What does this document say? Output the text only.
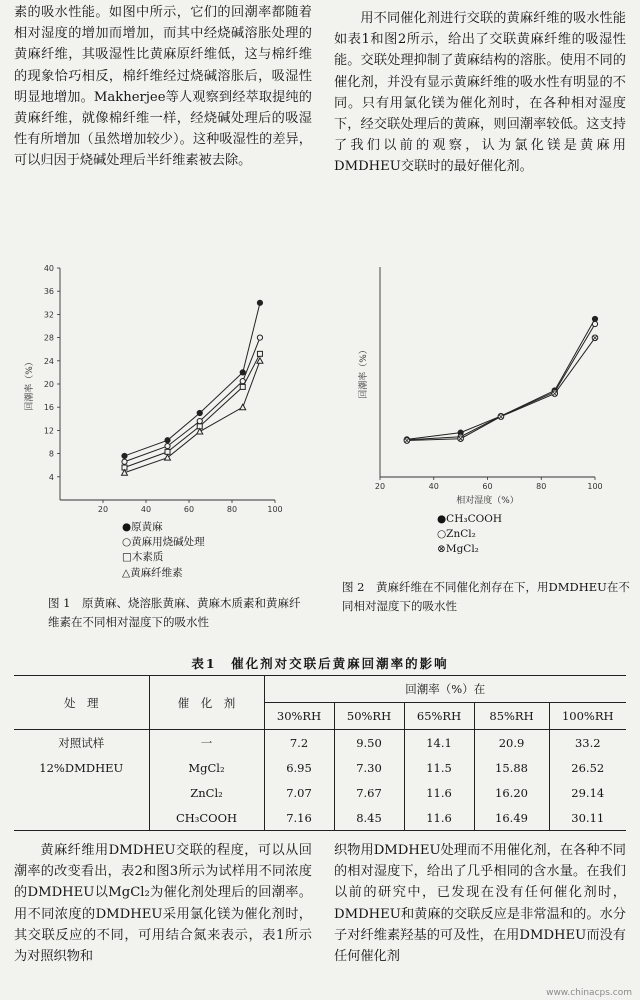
素的吸水性能。如图中所示，它们的回潮率都随着相对湿度的增加而增加，而其中经烧碱溶胀处理的黄麻纤维，其吸湿性比黄麻原纤维低，这与棉纤维的现象恰巧相反，棉纤维经过烧碱溶胀后，吸湿性明显地增加。Makherjee等人观察到经萃取提纯的黄麻纤维，就像棉纤维一样，经烧碱处理后的吸湿性有所增加（虽然增加较少）。这种吸湿性的差异，可以归因于烧碱处理后半纤维素被去除。
用不同催化剂进行交联的黄麻纤维的吸水性能如表1和图2所示，给出了交联黄麻纤维的吸湿性能。交联处理抑制了黄麻结构的溶胀。使用不同的催化剂，并没有显示黄麻纤维的吸水性有明显的不同。只有用氯化镁为催化剂时，在各种相对湿度下，经交联处理后的黄麻，则回潮率较低。这支持了我们以前的观察，认为氯化镁是黄麻用DMDHEU交联时的最好催化剂。
20	40	60	80	100
4
8
12
16
20
24
28
32
36
40
回潮率（%）
●原黄麻
○黄麻用烧碱处理
□木素质
△黄麻纤维素
图 1　 原黄麻、烧溶胀黄麻、黄麻木质素和黄麻纤维素在不同相对湿度下的吸水性
20	40	60	80	100
相对湿度（%）
回潮率（%）
●CH₃COOH
○ZnCl₂
⊗MgCl₂
图 2　 黄麻纤维在不同催化剂存在下，用DMDHEU在不同相对湿度下的吸水性
表1　催化剂对交联后黄麻回潮率的影响
处　理	催　化　剂	回潮率（%）在				
		30%RH	50%RH	65%RH	85%RH	100%RH
对照试样	一	7.2	9.50	14.1	20.9	33.2
12%DMDHEU	MgCl₂	6.95	7.30	11.5	15.88	26.52
	ZnCl₂	7.07	7.67	11.6	16.20	29.14
	CH₃COOH	7.16	8.45	11.6	16.49	30.11
黄麻纤维用DMDHEU交联的程度，可以从回潮率的改变看出，表2和图3所示为试样用不同浓度的DMDHEU以MgCl₂为催化剂处理后的回潮率。用不同浓度的DMDHEU采用氯化镁为催化剂时，其交联反应的不同，可用结合氮来表示，表1所示为对照织物和
织物用DMDHEU处理而不用催化剂，在各种不同的相对湿度下，给出了几乎相同的含水量。在我们以前的研究中，已发现在没有任何催化剂时，DMDHEU和黄麻的交联反应是非常温和的。水分子对纤维素羟基的可及性，在用DMDHEU而没有任何催化剂
www.chinacps.com
